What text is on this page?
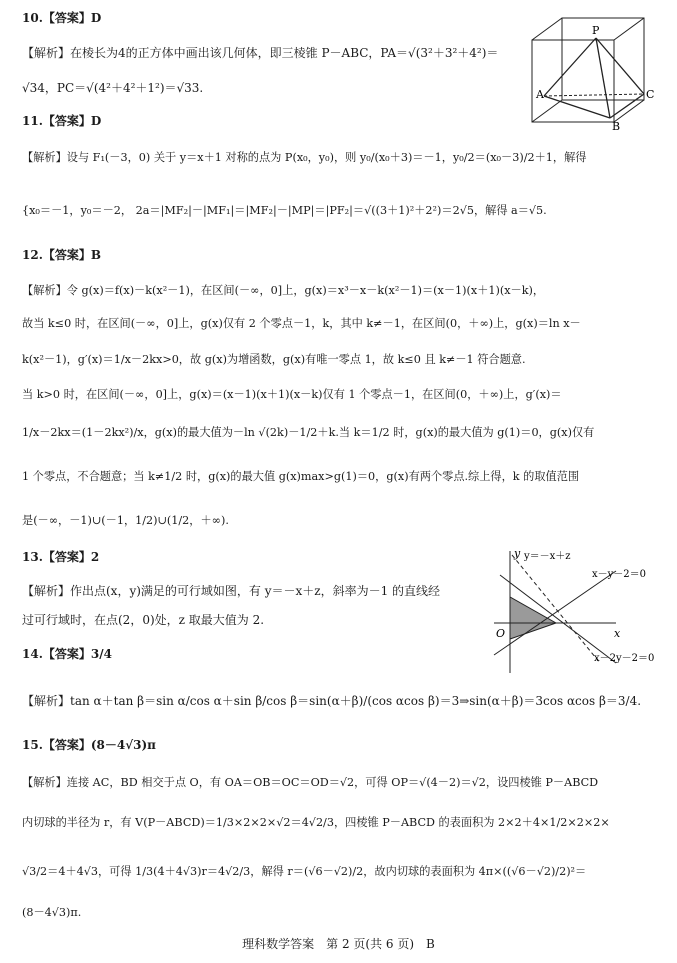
10.【答案】D
【解析】在棱长为4的正方体中画出该几何体，即三棱锥 P－ABC，PA＝√(3²＋3²＋4²)＝
√34，PC＝√(4²＋4²＋1²)＝√33.
P
A
B
C
11.【答案】D
【解析】设与 F₁(－3，0) 关于 y＝x＋1 对称的点为 P(x₀，y₀)，则 y₀/(x₀＋3)＝－1，y₀/2＝(x₀－3)/2＋1，解得
{x₀＝－1，y₀＝－2， 2a＝|MF₂|－|MF₁|＝|MF₂|－|MP|＝|PF₂|＝√((3＋1)²＋2²)＝2√5，解得 a＝√5.
12.【答案】B
【解析】令 g(x)＝f(x)－k(x²－1)，在区间(－∞，0]上，g(x)＝x³－x－k(x²－1)＝(x－1)(x＋1)(x－k)，
故当 k≤0 时，在区间(－∞，0]上，g(x)仅有 2 个零点－1，k，其中 k≠－1，在区间(0，＋∞)上，g(x)＝ln x－
k(x²－1)，g′(x)＝1/x－2kx>0，故 g(x)为增函数，g(x)有唯一零点 1，故 k≤0 且 k≠－1 符合题意.
当 k>0 时，在区间(－∞，0]上，g(x)＝(x－1)(x＋1)(x－k)仅有 1 个零点－1，在区间(0，＋∞)上，g′(x)＝
1/x－2kx＝(1－2kx²)/x，g(x)的最大值为－ln √(2k)－1/2＋k.当 k＝1/2 时，g(x)的最大值为 g(1)＝0，g(x)仅有
1 个零点，不合题意；当 k≠1/2 时，g(x)的最大值 g(x)max>g(1)＝0，g(x)有两个零点.综上得，k 的取值范围
是(－∞，－1)∪(－1，1/2)∪(1/2，＋∞).
13.【答案】2
【解析】作出点(x，y)满足的可行域如图，有 y＝－x＋z，斜率为－1 的直线经
过可行域时，在点(2，0)处，z 取最大值为 2.
y
x
O
y＝－x＋z
x－y－2＝0
x－2y－2＝0
14.【答案】3/4
【解析】tan α＋tan β＝sin α/cos α＋sin β/cos β＝sin(α＋β)/(cos αcos β)＝3⇒sin(α＋β)＝3cos αcos β＝3/4.
15.【答案】(8－4√3)π
【解析】连接 AC，BD 相交于点 O，有 OA＝OB＝OC＝OD＝√2，可得 OP＝√(4－2)＝√2，设四棱锥 P－ABCD
内切球的半径为 r，有 V(P－ABCD)＝1/3×2×2×√2＝4√2/3，四棱锥 P－ABCD 的表面积为 2×2＋4×1/2×2×2×
√3/2＝4＋4√3，可得 1/3(4＋4√3)r＝4√2/3，解得 r＝(√6－√2)/2，故内切球的表面积为 4π×((√6－√2)/2)²＝
(8－4√3)π.
理科数学答案　第 2 页(共 6 页)　B
